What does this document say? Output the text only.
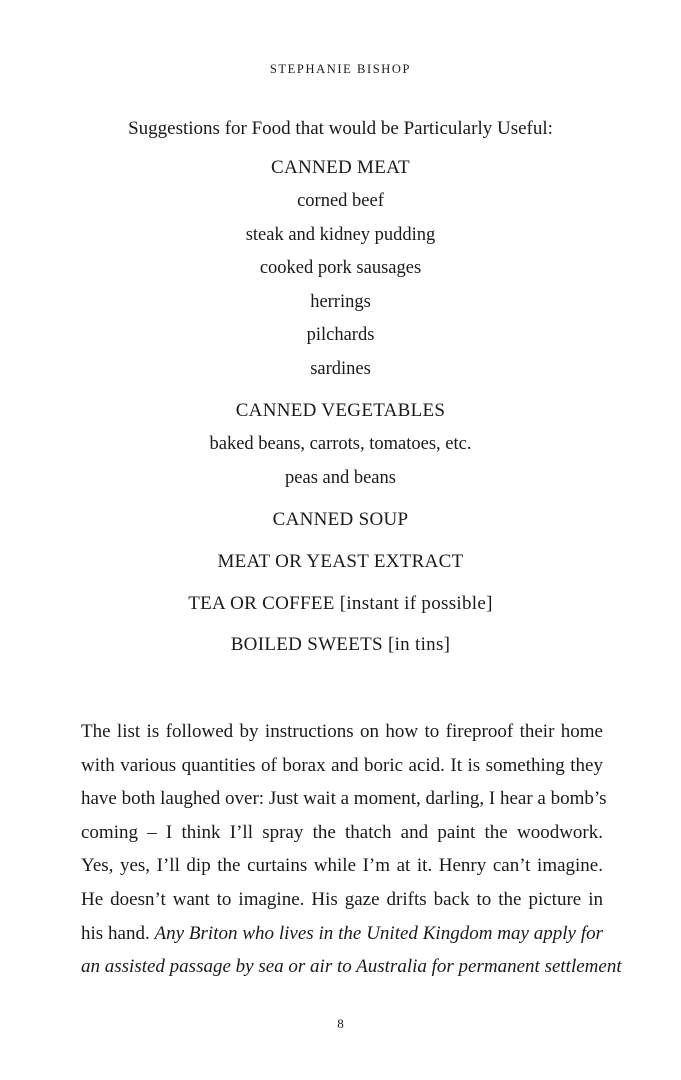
STEPHANIE BISHOP
Suggestions for Food that would be Particularly Useful:
CANNED MEAT
corned beef
steak and kidney pudding
cooked pork sausages
herrings
pilchards
sardines
CANNED VEGETABLES
baked beans, carrots, tomatoes, etc.
peas and beans
CANNED SOUP
MEAT OR YEAST EXTRACT
TEA OR COFFEE [instant if possible]
BOILED SWEETS [in tins]

The list is followed by instructions on how to fireproof their home
with various quantities of borax and boric acid. It is something they
have both laughed over: Just wait a moment, darling, I hear a bomb’s
coming – I think I’ll spray the thatch and paint the woodwork.
Yes, yes, I’ll dip the curtains while I’m at it. Henry can’t imagine.
He doesn’t want to imagine. His gaze drifts back to the picture in
his hand. Any Briton who lives in the United Kingdom may apply for
an assisted passage by sea or air to Australia for permanent settlement

8
